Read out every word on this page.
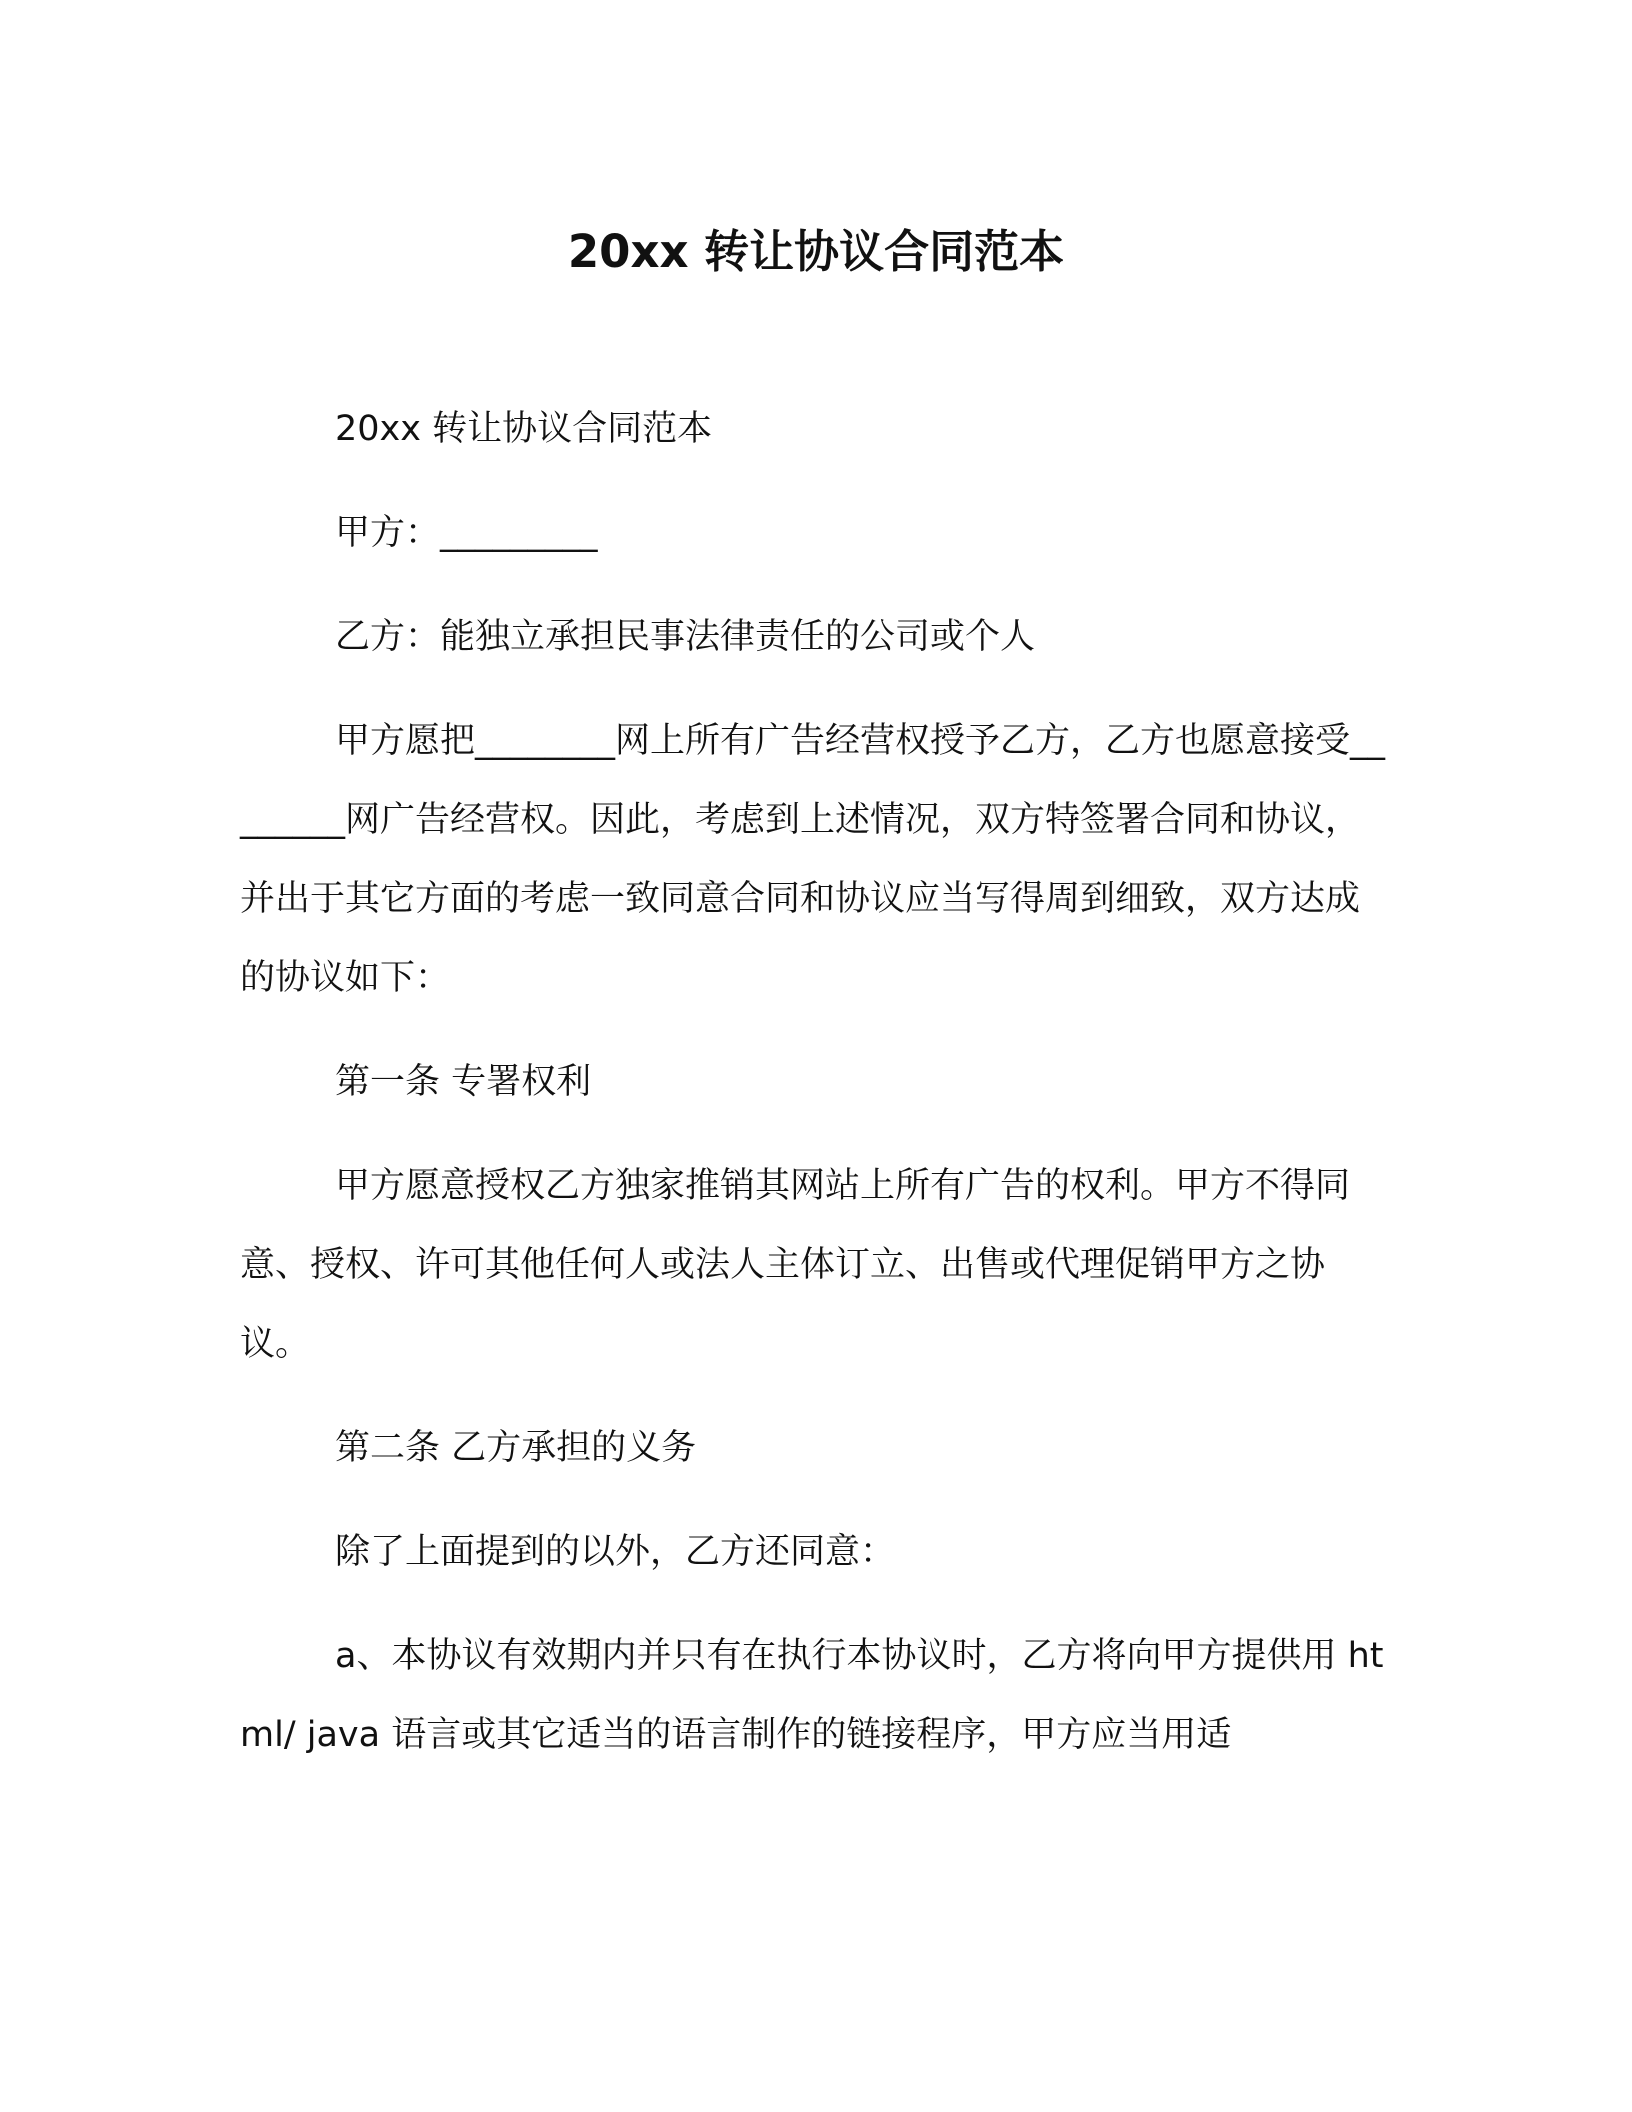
20xx 转让协议合同范本

20xx 转让协议合同范本

甲方：_________

乙方：能独立承担民事法律责任的公司或个人

甲方愿把________网上所有广告经营权授予乙方，乙方也愿意接受________网广告经营权。因此，考虑到上述情况，双方特签署合同和协议，并出于其它方面的考虑一致同意合同和协议应当写得周到细致，双方达成的协议如下：

第一条 专署权利

甲方愿意授权乙方独家推销其网站上所有广告的权利。甲方不得同意、授权、许可其他任何人或法人主体订立、出售或代理促销甲方之协议。

第二条 乙方承担的义务

除了上面提到的以外，乙方还同意：

a、本协议有效期内并只有在执行本协议时，乙方将向甲方提供用 html/ java 语言或其它适当的语言制作的链接程序，甲方应当用适
